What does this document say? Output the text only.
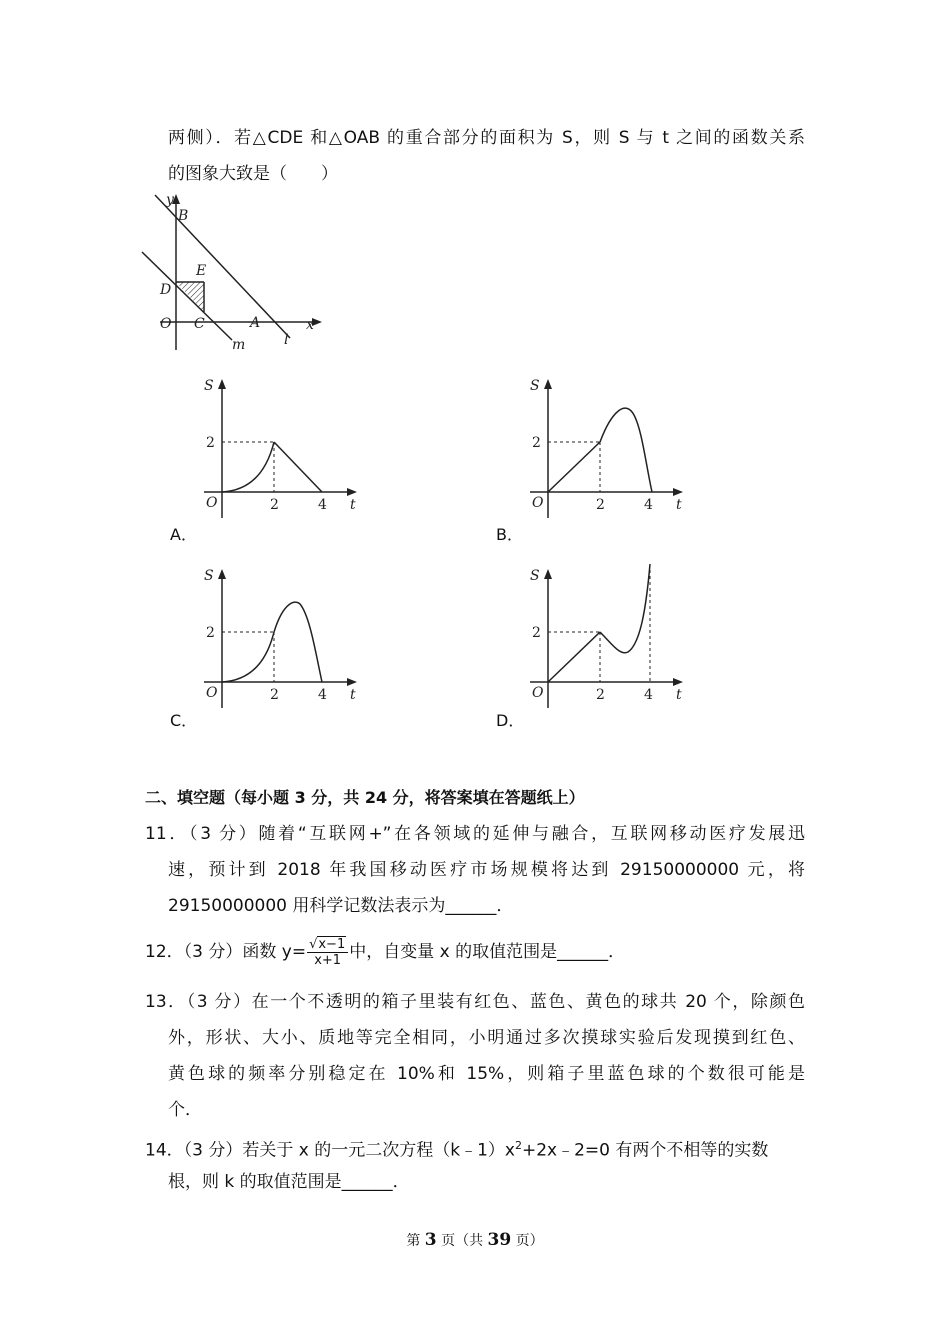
两侧）．若△CDE 和△OAB 的重合部分的面积为 S，则 S 与 t 之间的函数关系
的图象大致是（　　）
y
B
E
D
O C	A	x
m	l
S
2
O	2	4 t
A．
S
2
O	2	4 t
B．
S
2
O	2	4 t
C．
S
2
O	2	4 t
D．
二、填空题（每小题 3 分，共 24 分，将答案填在答题纸上）
11．（3 分）随着“互联网+”在各领域的延伸与融合，互联网移动医疗发展迅
速，预计到 2018 年我国移动医疗市场规模将达到 29150000000 元，将
29150000000 用科学记数法表示为______．
12．（3 分）函数 $y= \frac{√x-1}{x+1}$ 中，自变量 x 的取值范围是______．
13．（3 分）在一个不透明的箱子里装有红色、蓝色、黄色的球共 20 个，除颜色
外，形状、大小、质地等完全相同，小明通过多次摸球实验后发现摸到红色、
黄色球的频率分别稳定在 10%和 15%，则箱子里蓝色球的个数很可能是
个．
14．（3 分）若关于 x 的一元二次方程$(k﹣1)x^2+2x﹣2=0$ 有两个不相等的实数
根，则 k 的取值范围是______．
第 3 页（共 39 页）
